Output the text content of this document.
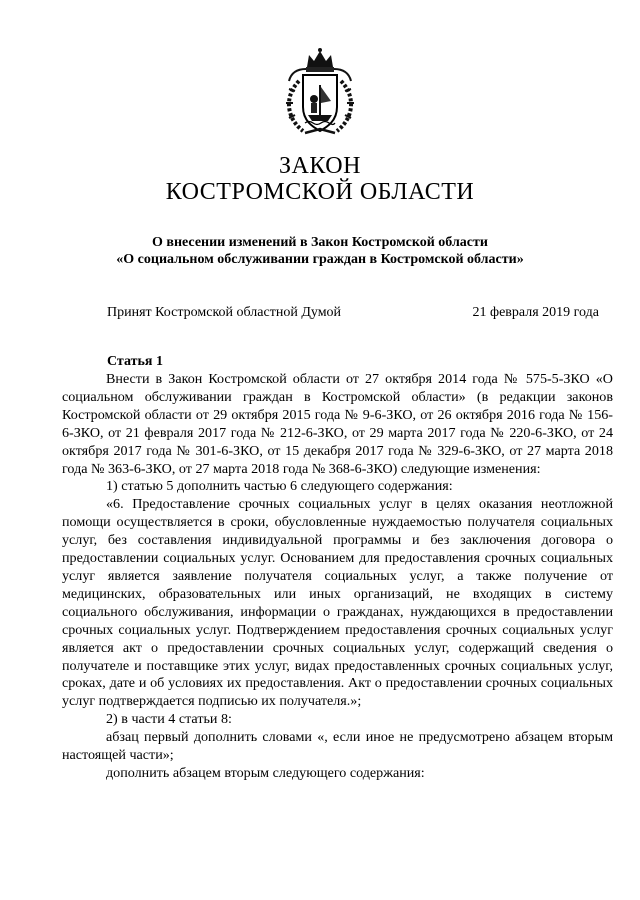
ЗАКОН
КОСТРОМСКОЙ ОБЛАСТИ
О внесении изменений в Закон Костромской области
«О социальном обслуживании граждан в Костромской области»
Принят Костромской областной Думой	21 февраля 2019 года
Статья 1

Внести в Закон Костромской области от 27 октября 2014 года № 575-5-ЗКО «О социальном обслуживании граждан в Костромской области» (в редакции законов Костромской области от 29 октября 2015 года № 9-6-ЗКО, от 26 октября 2016 года № 156-6-ЗКО, от 21 февраля 2017 года № 212-6-ЗКО, от 29 марта 2017 года № 220-6-ЗКО, от 24 октября 2017 года № 301-6-ЗКО, от 15 декабря 2017 года № 329-6-ЗКО, от 27 марта 2018 года № 363-6-ЗКО, от 27 марта 2018 года № 368-6-ЗКО) следующие изменения:

1) статью 5 дополнить частью 6 следующего содержания:

«6. Предоставление срочных социальных услуг в целях оказания неотложной помощи осуществляется в сроки, обусловленные нуждаемостью получателя социальных услуг, без составления индивидуальной программы и без заключения договора о предоставлении социальных услуг. Основанием для предоставления срочных социальных услуг является заявление получателя социальных услуг, а также получение от медицинских, образовательных или иных организаций, не входящих в систему социального обслуживания, информации о гражданах, нуждающихся в предоставлении срочных социальных услуг. Подтверждением предоставления срочных социальных услуг является акт о предоставлении срочных социальных услуг, содержащий сведения о получателе и поставщике этих услуг, видах предоставленных срочных социальных услуг, сроках, дате и об условиях их предоставления. Акт о предоставлении срочных социальных услуг подтверждается подписью их получателя.»;

2) в части 4 статьи 8:

абзац первый дополнить словами «, если иное не предусмотрено абзацем вторым настоящей части»;

дополнить абзацем вторым следующего содержания:
